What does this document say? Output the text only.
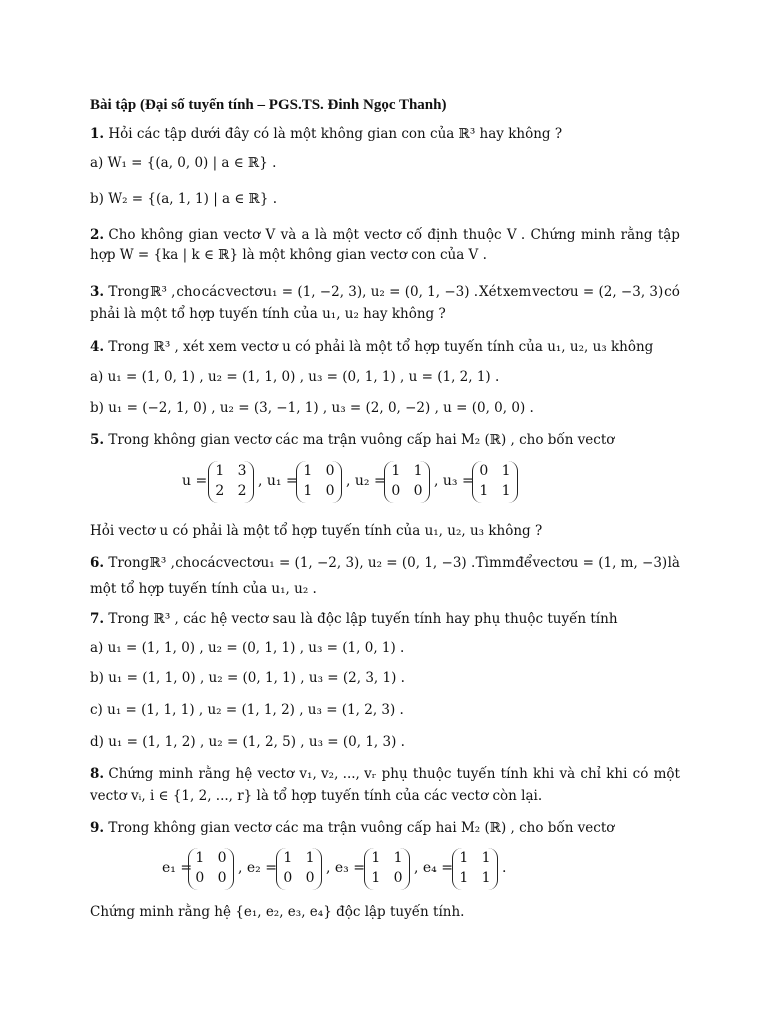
Bài tập (Đại số tuyến tính – PGS.TS. Đinh Ngọc Thanh)
1. Hỏi các tập dưới đây có là một không gian con của ℝ³ hay không ?
a) W₁ = {(a, 0, 0) | a ∈ ℝ} .
b) W₂ = {(a, 1, 1) | a ∈ ℝ} .
2. Cho không gian vectơ V và a là một vectơ cố định thuộc V . Chứng minh rằng tập
hợp W = {ka | k ∈ ℝ} là một không gian vectơ con của V .
3. Trong ℝ³ , cho các vectơ u₁ = (1, −2, 3), u₂ = (0, 1, −3) . Xét xem vectơ u = (2, −3, 3) có
phải là một tổ hợp tuyến tính của u₁, u₂ hay không ?
4. Trong ℝ³ , xét xem vectơ u có phải là một tổ hợp tuyến tính của u₁, u₂, u₃ không
a) u₁ = (1, 0, 1) , u₂ = (1, 1, 0) , u₃ = (0, 1, 1) , u = (1, 2, 1) .
b) u₁ = (−2, 1, 0) , u₂ = (3, −1, 1) , u₃ = (2, 0, −2) , u = (0, 0, 0) .
5. Trong không gian vectơ các ma trận vuông cấp hai M₂ (ℝ) , cho bốn vectơ
u =
1   3
2   2
, u₁ =
1   0
1   0
, u₂ =
1   1
0   0
, u₃ =
0   1
1   1
Hỏi vectơ u có phải là một tổ hợp tuyến tính của u₁, u₂, u₃ không ?
6. Trong ℝ³ , cho các vectơ u₁ = (1, −2, 3), u₂ = (0, 1, −3) . Tìm m để vectơ u = (1, m, −3) là
một tổ hợp tuyến tính của u₁, u₂ .
7. Trong ℝ³ , các hệ vectơ sau là độc lập tuyến tính hay phụ thuộc tuyến tính
a) u₁ = (1, 1, 0) , u₂ = (0, 1, 1) , u₃ = (1, 0, 1) .
b) u₁ = (1, 1, 0) , u₂ = (0, 1, 1) , u₃ = (2, 3, 1) .
c) u₁ = (1, 1, 1) , u₂ = (1, 1, 2) , u₃ = (1, 2, 3) .
d) u₁ = (1, 1, 2) , u₂ = (1, 2, 5) , u₃ = (0, 1, 3) .
8. Chứng minh rằng hệ vectơ v₁, v₂, ..., vᵣ phụ thuộc tuyến tính khi và chỉ khi có một
vectơ vᵢ, i ∈ {1, 2, ..., r} là tổ hợp tuyến tính của các vectơ còn lại.
9. Trong không gian vectơ các ma trận vuông cấp hai M₂ (ℝ) , cho bốn vectơ
e₁ =
1   0
0   0
, e₂ =
1   1
0   0
, e₃ =
1   1
1   0
, e₄ =
1   1
1   1
.
Chứng minh rằng hệ {e₁, e₂, e₃, e₄} độc lập tuyến tính.
